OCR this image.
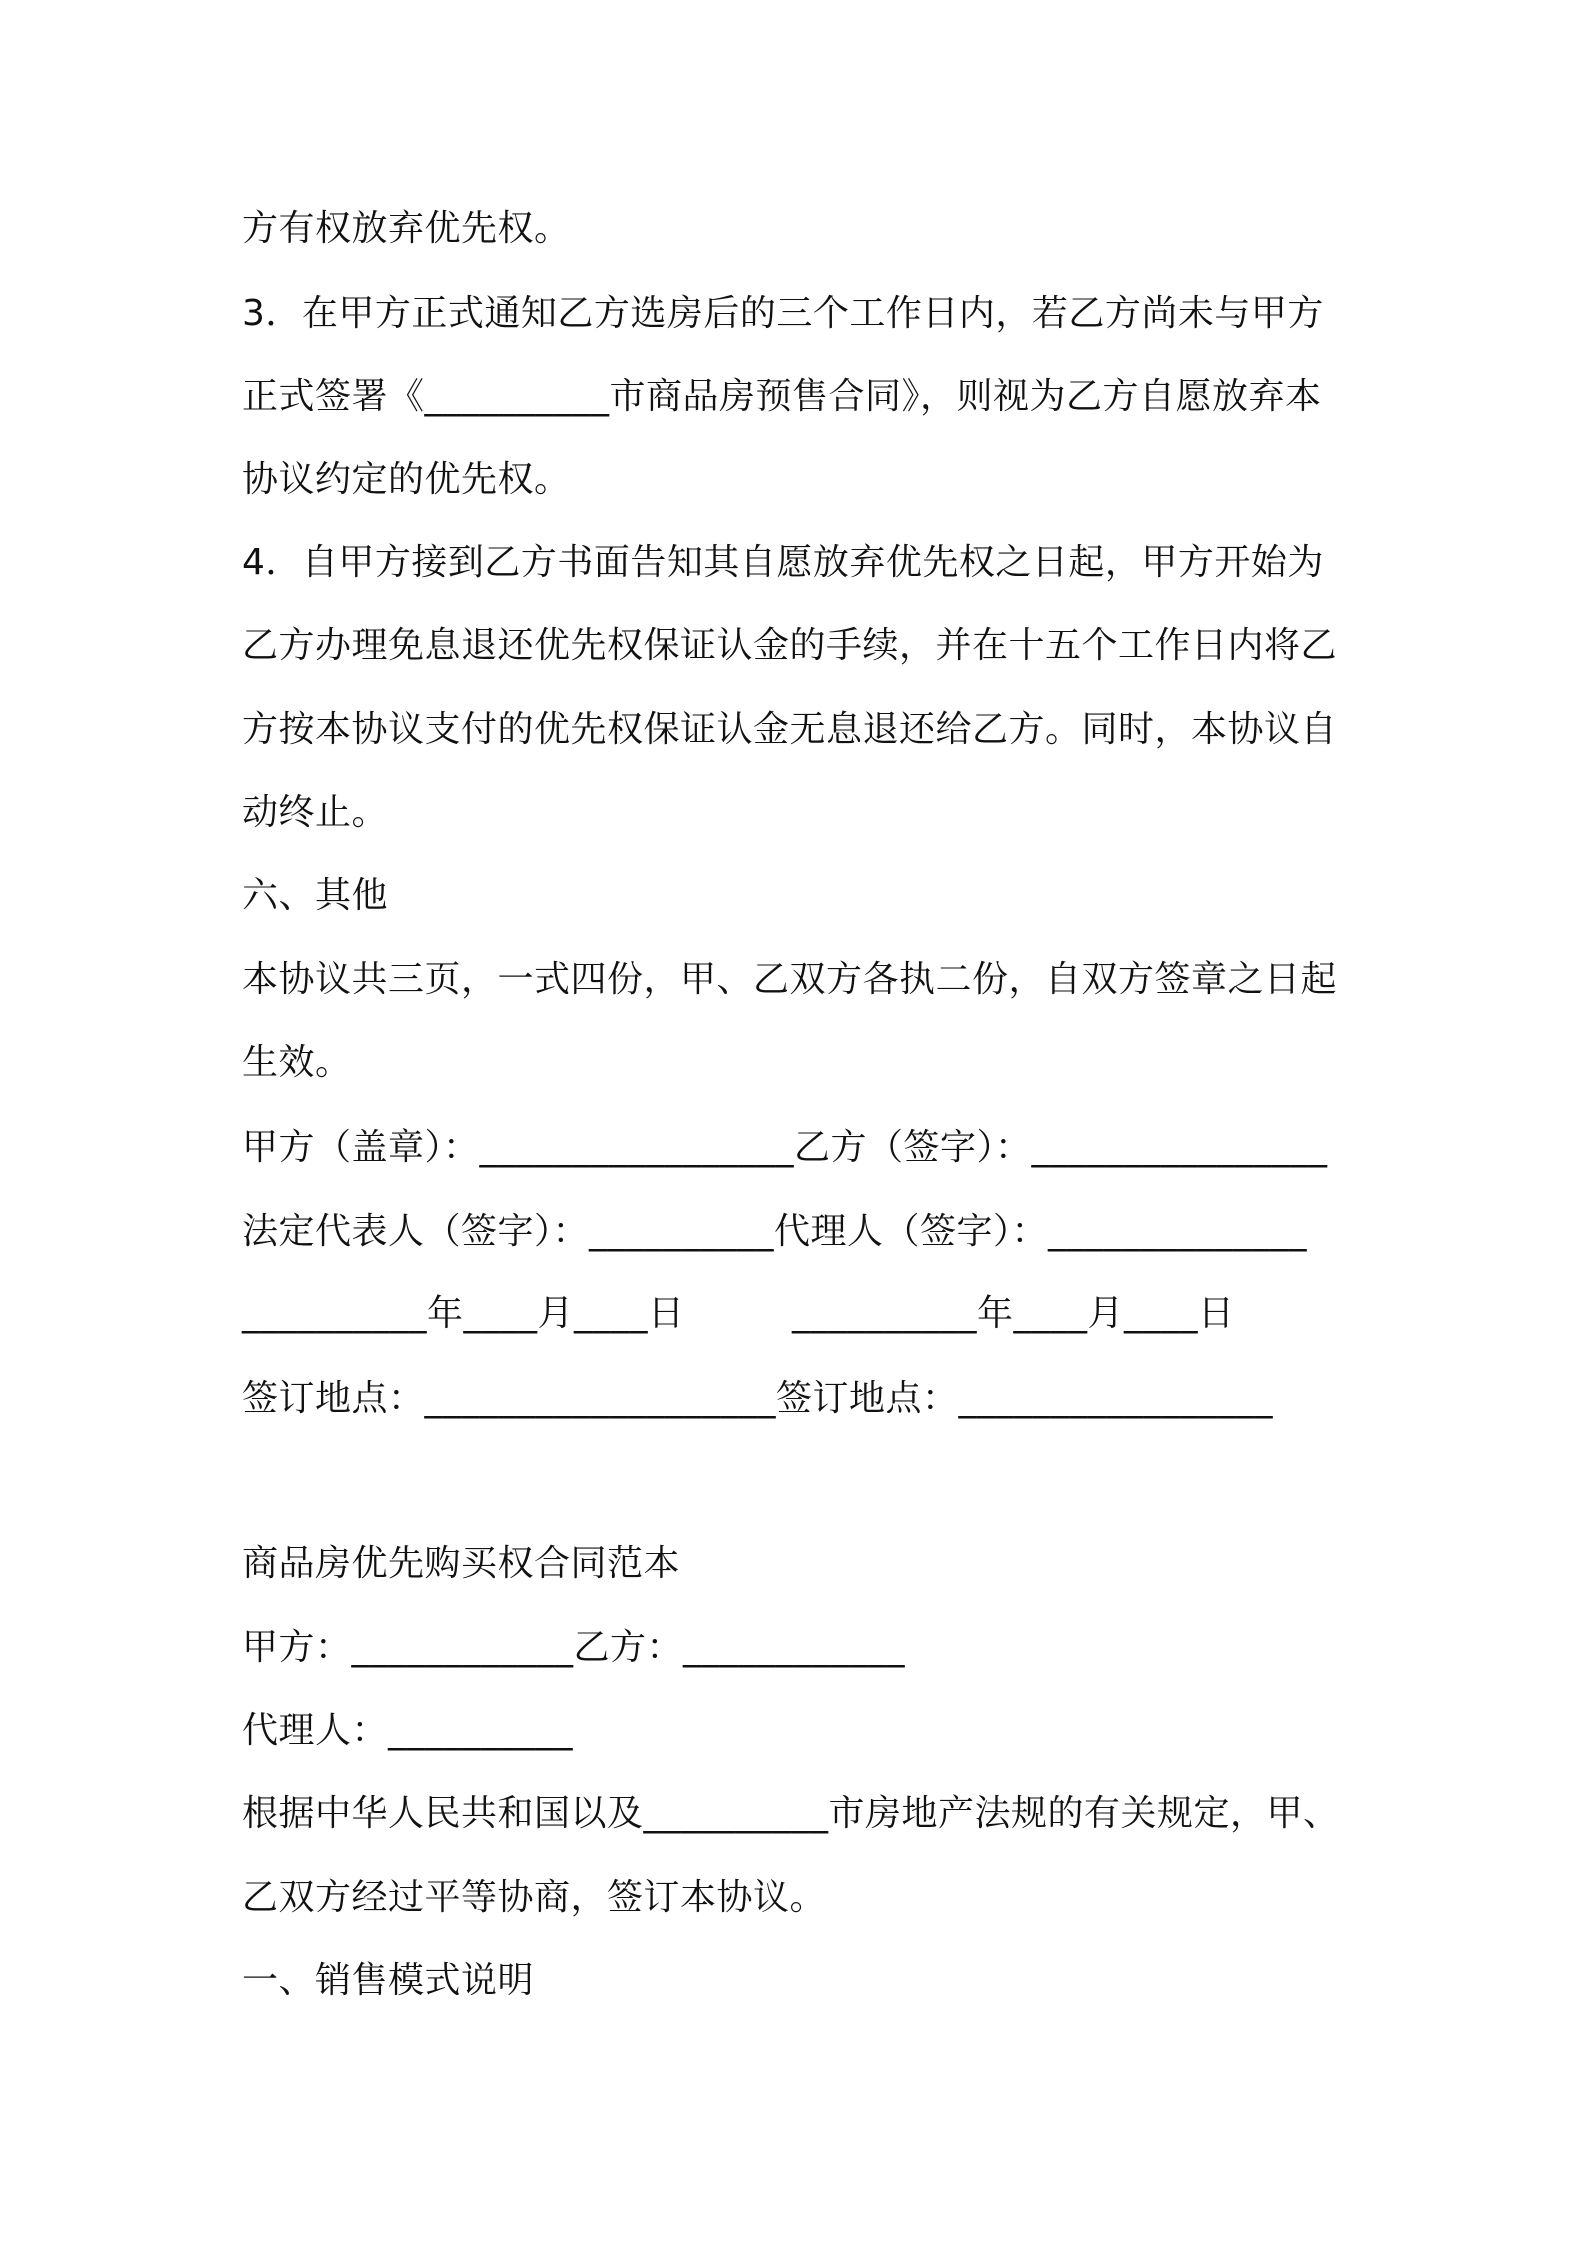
方有权放弃优先权。
3．在甲方正式通知乙方选房后的三个工作日内，若乙方尚未与甲方
正式签署《__________市商品房预售合同》，则视为乙方自愿放弃本
协议约定的优先权。
4．自甲方接到乙方书面告知其自愿放弃优先权之日起，甲方开始为
乙方办理免息退还优先权保证认金的手续，并在十五个工作日内将乙
方按本协议支付的优先权保证认金无息退还给乙方。同时，本协议自
动终止。
六、其他
本协议共三页，一式四份，甲、乙双方各执二份，自双方签章之日起
生效。
甲方（盖章）：_________________乙方（签字）：________________
法定代表人（签字）：__________代理人（签字）：______________
__________年____月____日         __________年____月____日
签订地点：___________________签订地点：_________________
商品房优先购买权合同范本
甲方：____________乙方：____________
代理人：__________
根据中华人民共和国以及__________市房地产法规的有关规定，甲、
乙双方经过平等协商，签订本协议。
一、销售模式说明
